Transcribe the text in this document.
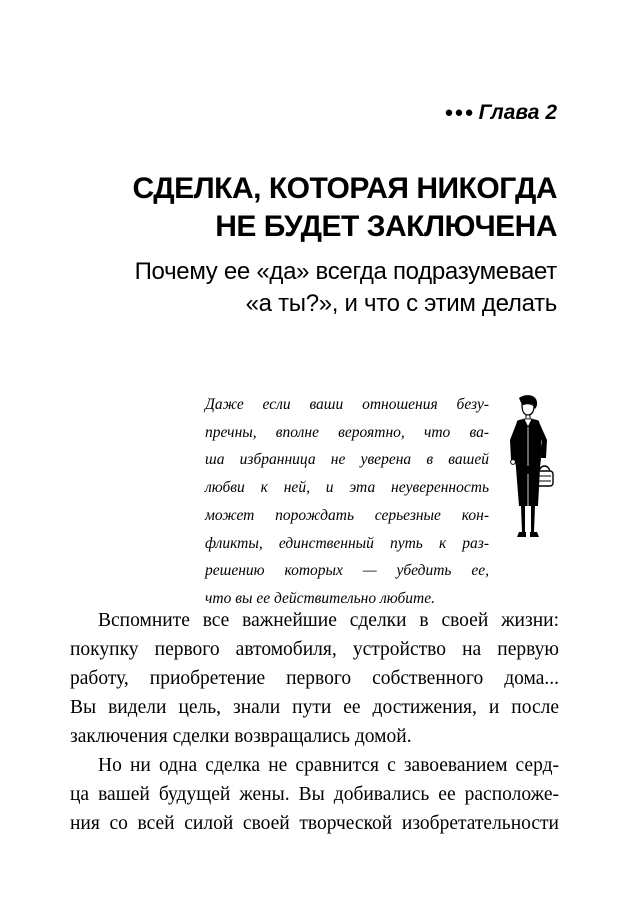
●●● Глава 2
СДЕЛКА, КОТОРАЯ НИКОГДА
НЕ БУДЕТ ЗАКЛЮЧЕНА
Почему ее «да» всегда подразумевает
«а ты?», и что с этим делать
Даже если ваши отношения безу-
пречны, вполне вероятно, что ва-
ша избранница не уверена в вашей
любви к ней, и эта неуверенность
может порождать серьезные кон-
фликты, единственный путь к раз-
решению которых — убедить ее,
что вы ее действительно любите.
Вспомните все важнейшие сделки в своей жизни:
покупку первого автомобиля, устройство на первую
работу, приобретение первого собственного дома...
Вы видели цель, знали пути ее достижения, и после
заключения сделки возвращались домой.
Но ни одна сделка не сравнится с завоеванием серд-
ца вашей будущей жены. Вы добивались ее расположе-
ния со всей силой своей творческой изобретательности
